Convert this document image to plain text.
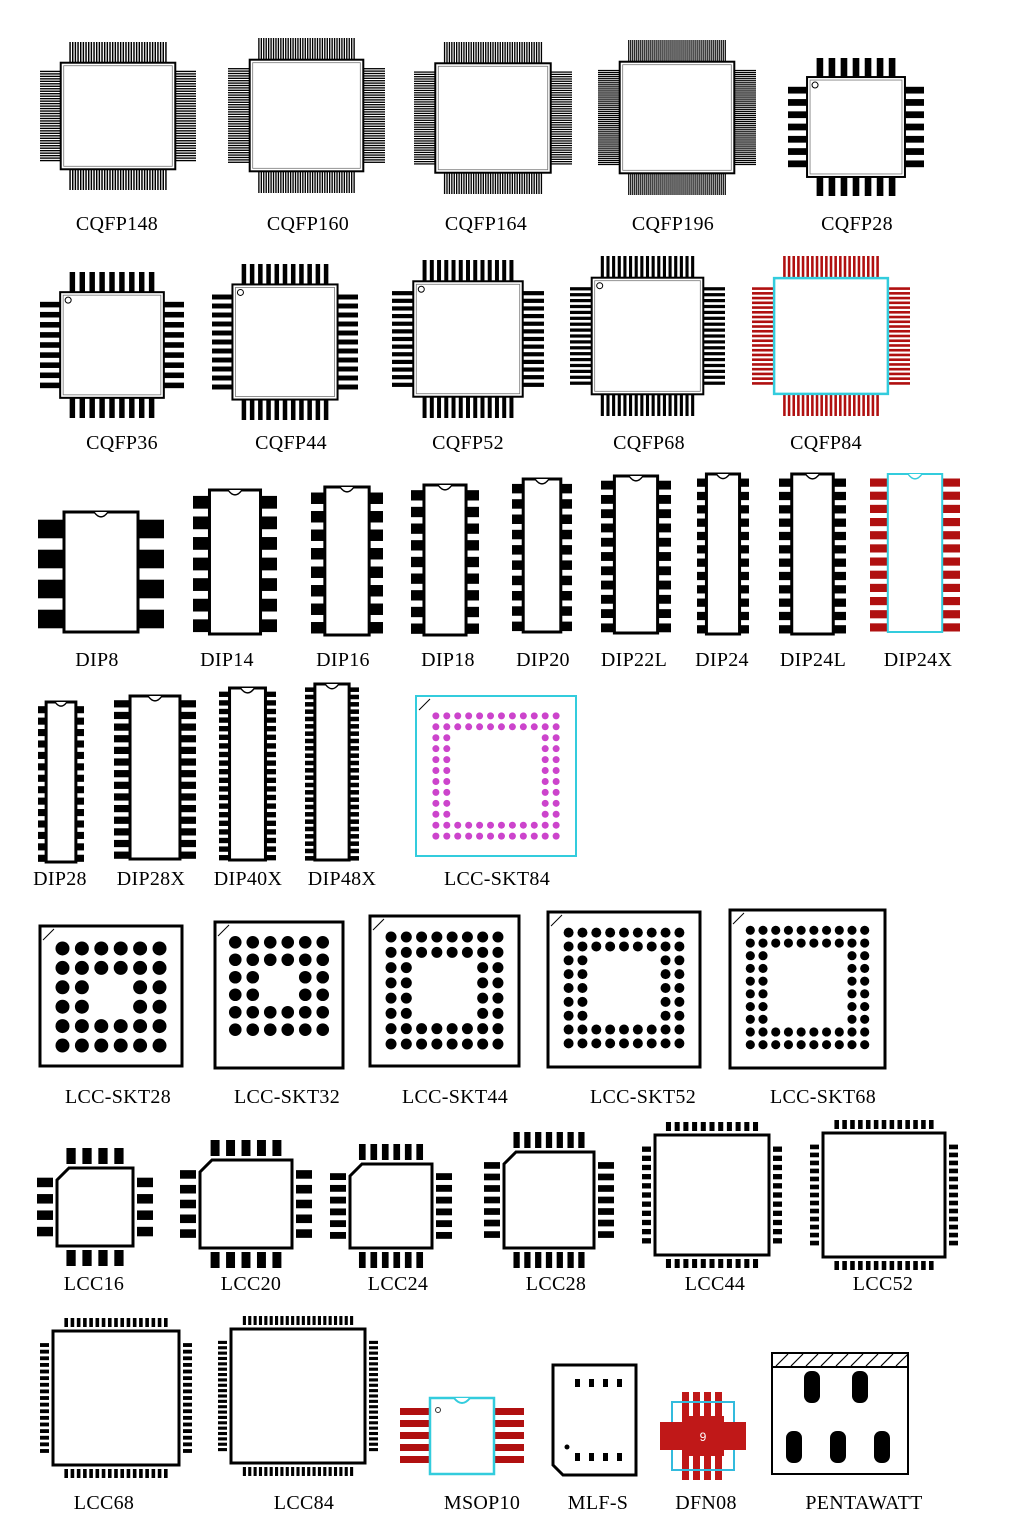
9
CQFP148	CQFP160	CQFP164	CQFP196	CQFP28
CQFP36	CQFP44	CQFP52	CQFP68	CQFP84
DIP8	DIP14	DIP16	DIP18	DIP20	DIP22L	DIP24	DIP24L	DIP24X
DIP28	DIP28X	DIP40X	DIP48X	LCC-SKT84
LCC-SKT28	LCC-SKT32	LCC-SKT44	LCC-SKT52	LCC-SKT68
LCC16	LCC20	LCC24	LCC28	LCC44	LCC52
LCC68	LCC84	MSOP10	MLF-S	DFN08	PENTAWATT
